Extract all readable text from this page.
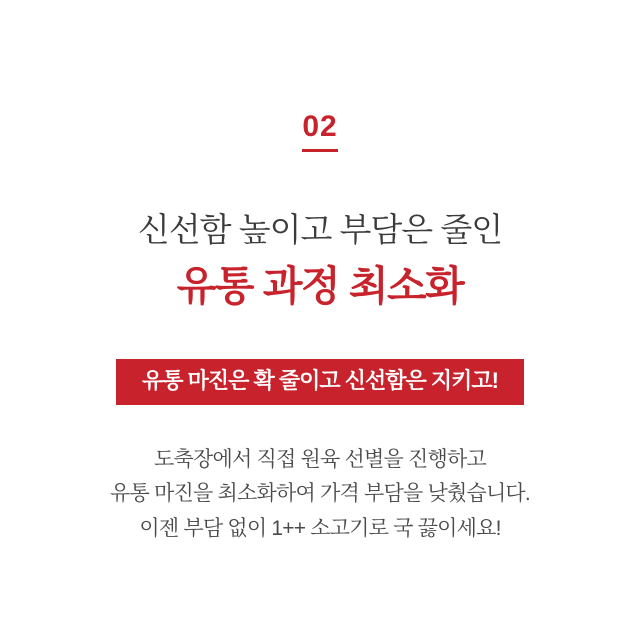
02
신선함 높이고 부담은 줄인
유통 과정 최소화
유통 마진은 확 줄이고 신선함은 지키고!
도축장에서 직접 원육 선별을 진행하고
유통 마진을 최소화하여 가격 부담을 낮췄습니다.
이젠 부담 없이 1++ 소고기로 국 끓이세요!
